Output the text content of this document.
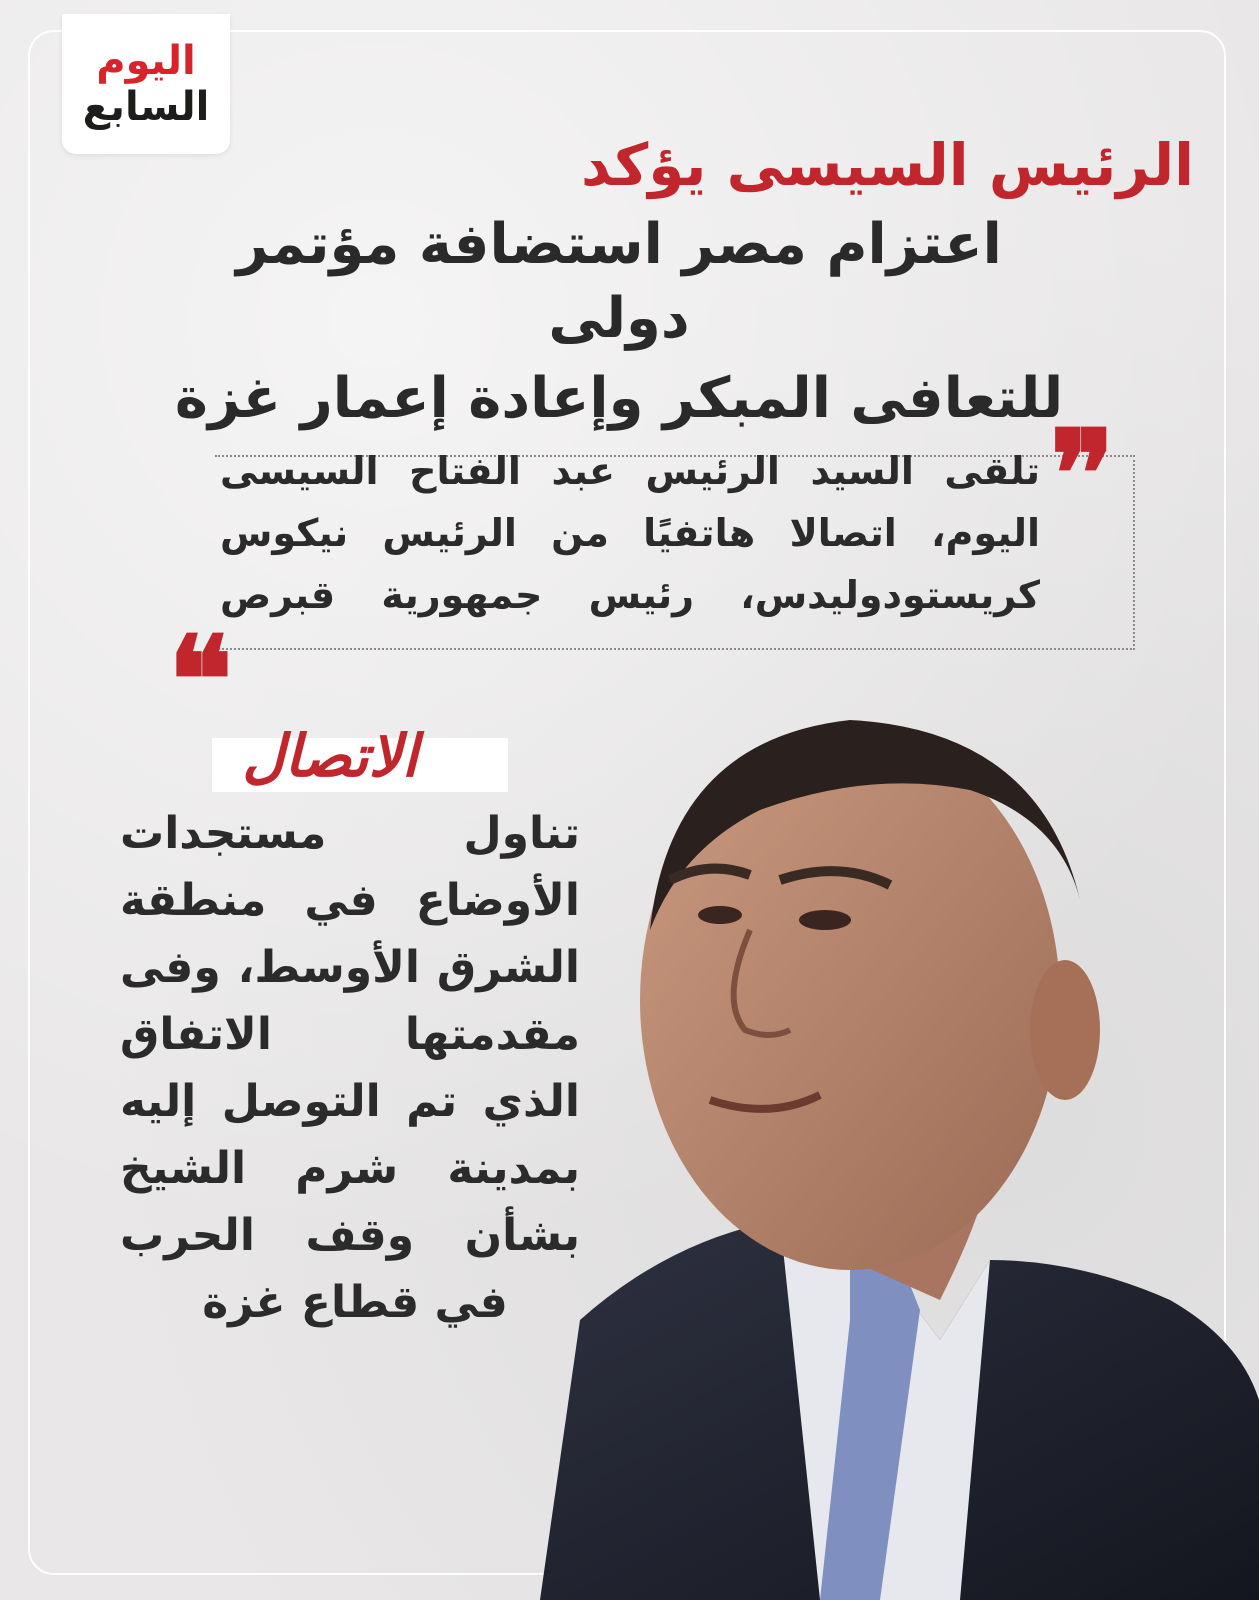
اليوم
السابع
الرئيس السيسى يؤكد
اعتزام مصر استضافة مؤتمر دولى
للتعافى المبكر وإعادة إعمار غزة
❞
❞
تلقى السيد الرئيس عبد الفتاح السيسى
اليوم، اتصالا هاتفيًا من الرئيس نيكوس
كريستودوليدس، رئيس جمهورية قبرص
الاتصال
تناول مستجدات
الأوضاع في منطقة
الشرق الأوسط، وفى
مقدمتها الاتفاق
الذي تم التوصل إليه
بمدينة شرم الشيخ
بشأن وقف الحرب
في قطاع غزة
